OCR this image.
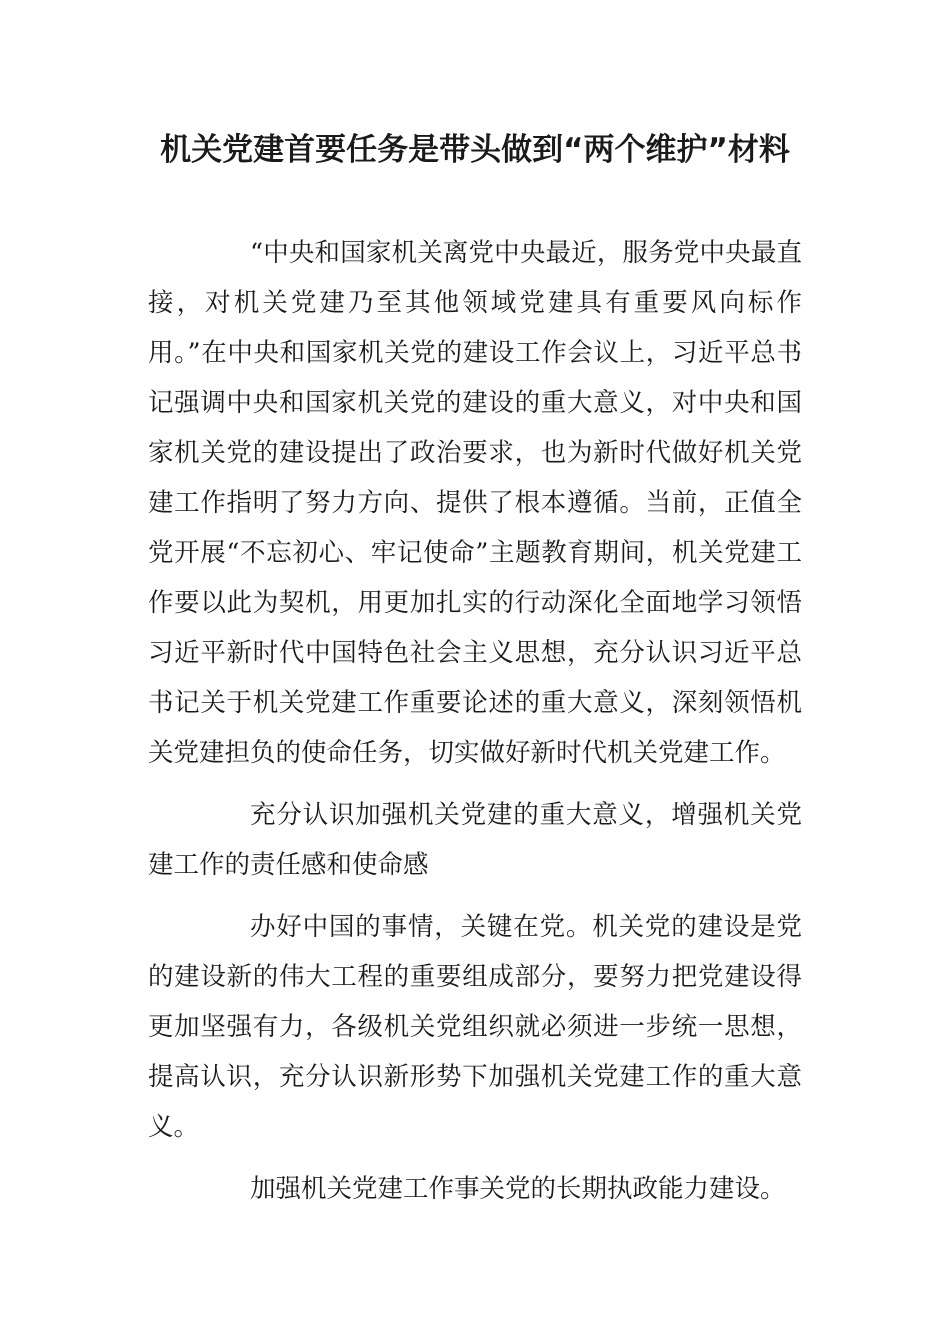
机关党建首要任务是带头做到“两个维护”材料

“中央和国家机关离党中央最近，服务党中央最直接，对机关党建乃至其他领域党建具有重要风向标作用。”在中央和国家机关党的建设工作会议上，习近平总书记强调中央和国家机关党的建设的重大意义，对中央和国家机关党的建设提出了政治要求，也为新时代做好机关党建工作指明了努力方向、提供了根本遵循。当前，正值全党开展“不忘初心、牢记使命”主题教育期间，机关党建工作要以此为契机，用更加扎实的行动深化全面地学习领悟习近平新时代中国特色社会主义思想，充分认识习近平总书记关于机关党建工作重要论述的重大意义，深刻领悟机关党建担负的使命任务，切实做好新时代机关党建工作。

充分认识加强机关党建的重大意义，增强机关党建工作的责任感和使命感

办好中国的事情，关键在党。机关党的建设是党的建设新的伟大工程的重要组成部分，要努力把党建设得更加坚强有力，各级机关党组织就必须进一步统一思想，提高认识，充分认识新形势下加强机关党建工作的重大意义。

加强机关党建工作事关党的长期执政能力建设。
